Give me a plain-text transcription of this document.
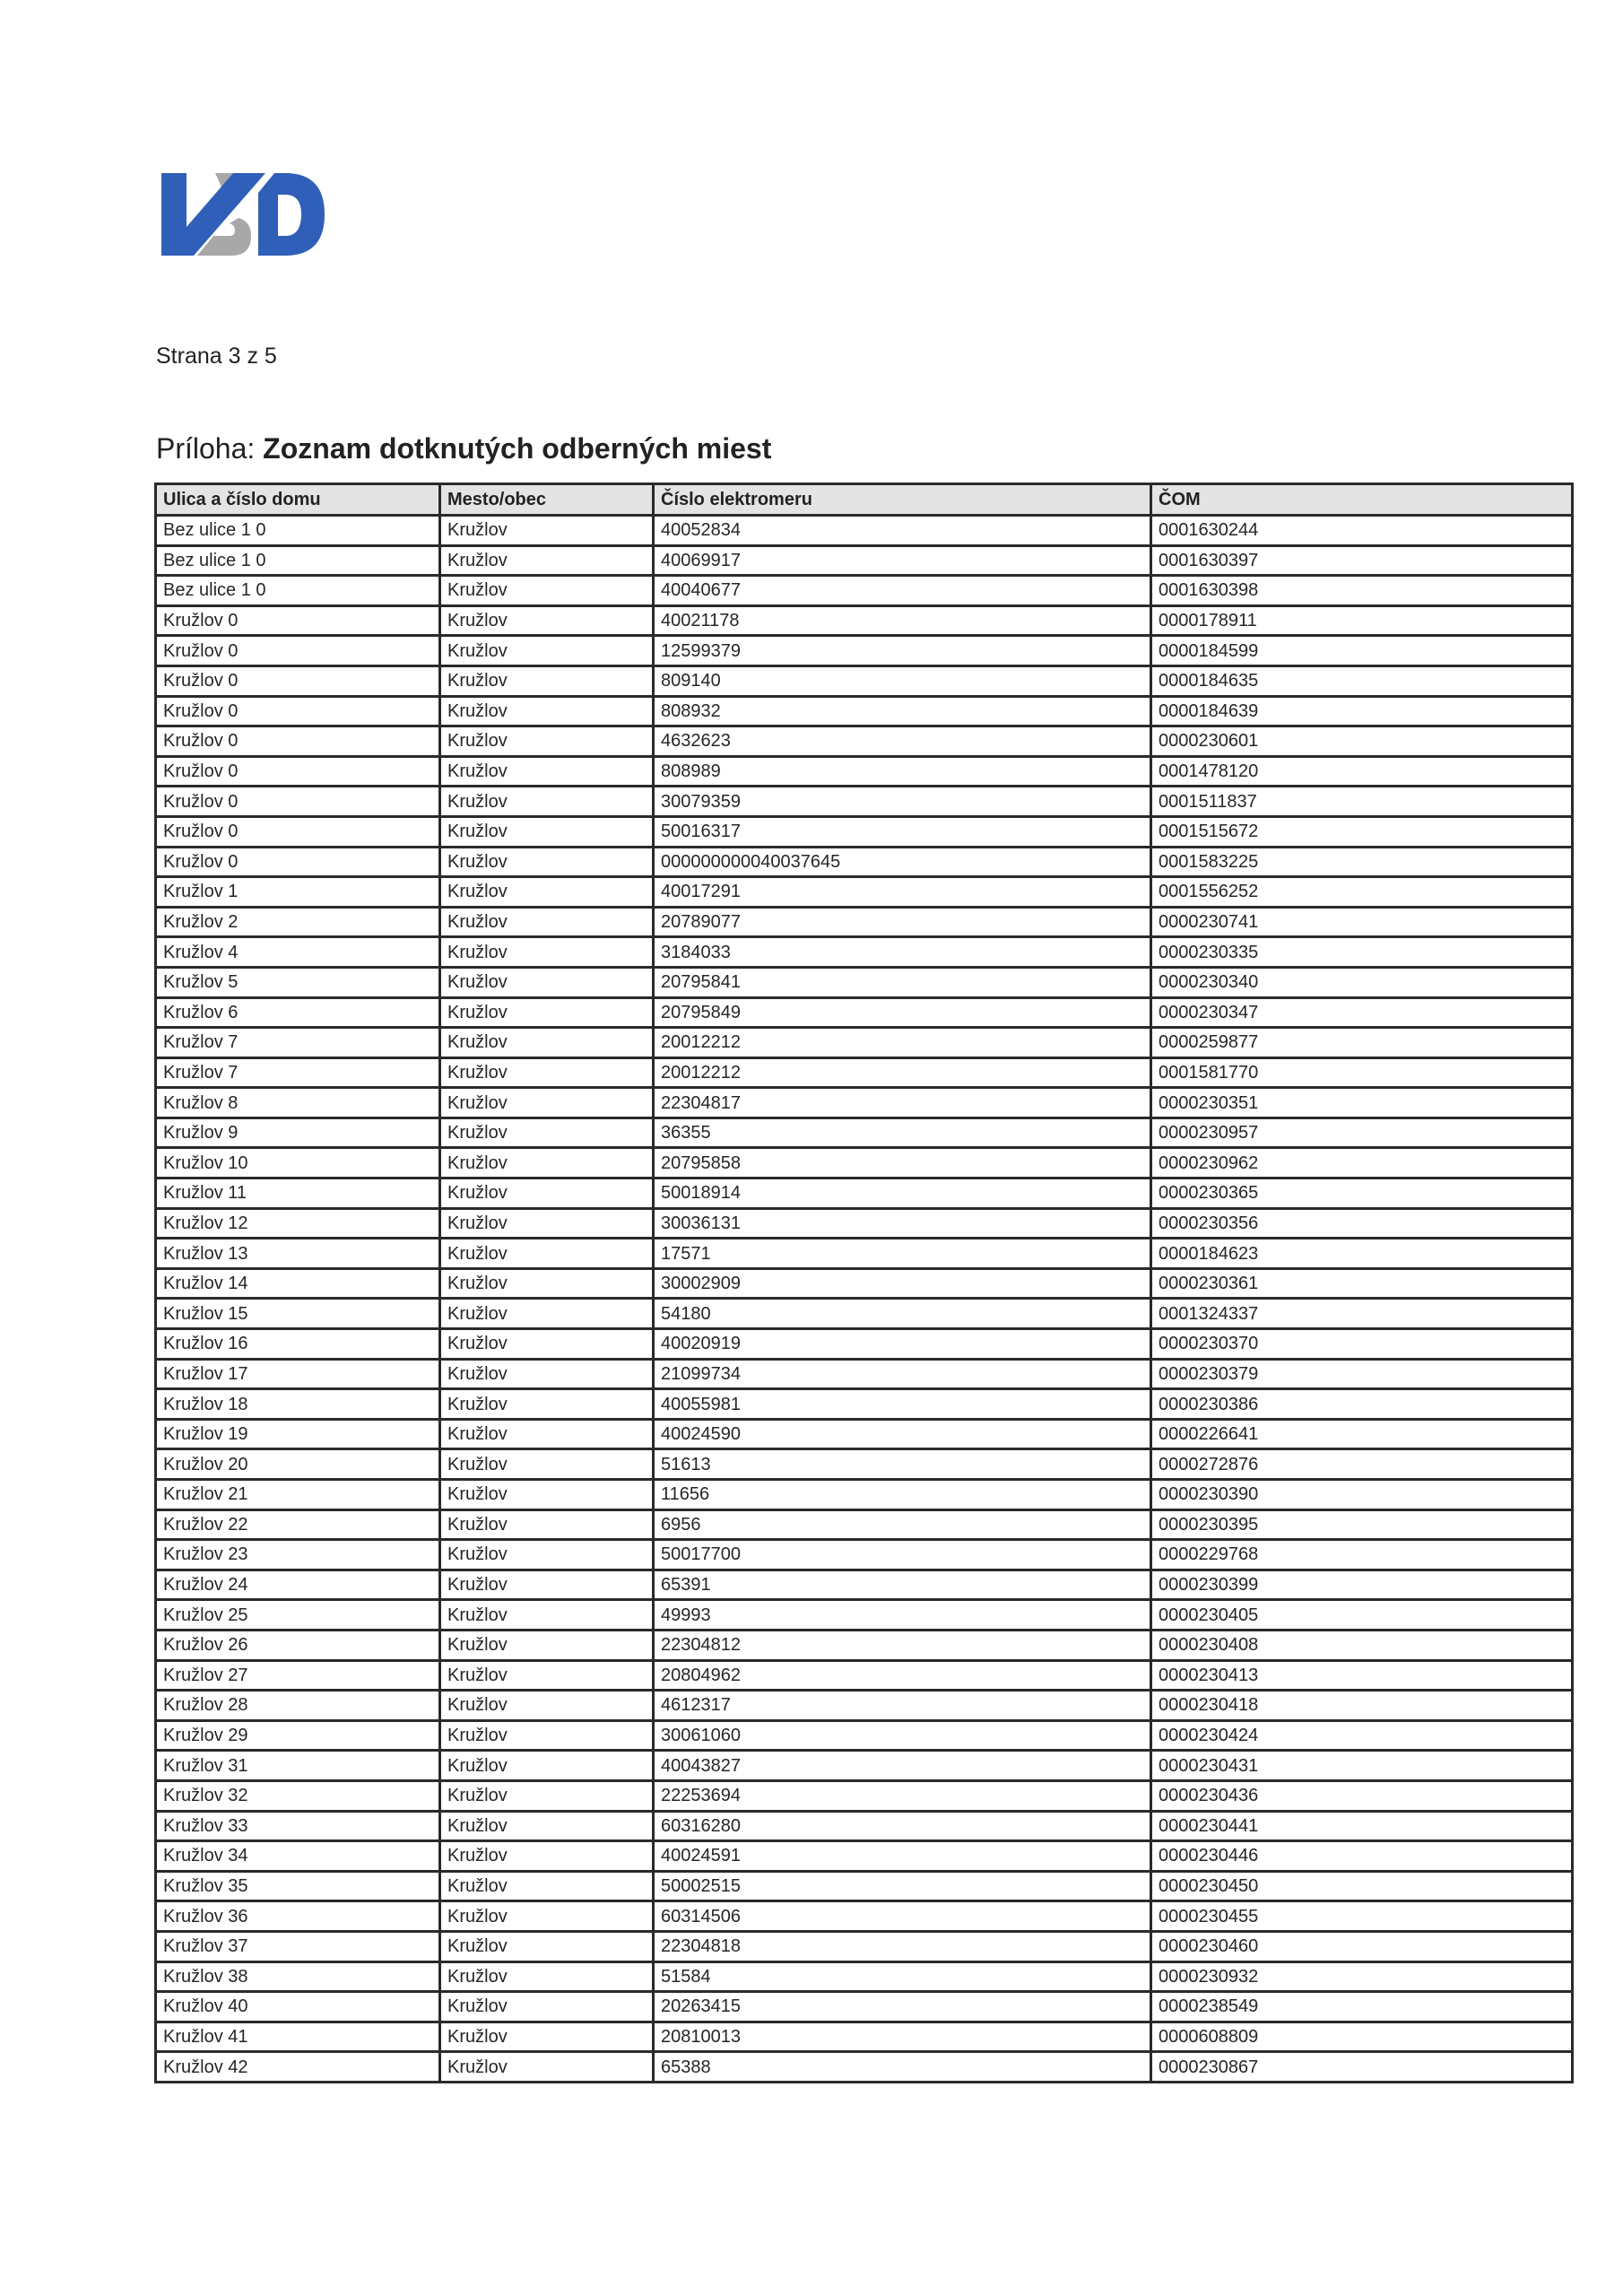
Strana 3 z 5
Príloha: Zoznam dotknutých odberných miest
Ulica a číslo domu	Mesto/obec	Číslo elektromeru	ČOM
Bez ulice 1 0	Kružlov	40052834	0001630244
Bez ulice 1 0	Kružlov	40069917	0001630397
Bez ulice 1 0	Kružlov	40040677	0001630398
Kružlov 0	Kružlov	40021178	0000178911
Kružlov 0	Kružlov	12599379	0000184599
Kružlov 0	Kružlov	809140	0000184635
Kružlov 0	Kružlov	808932	0000184639
Kružlov 0	Kružlov	4632623	0000230601
Kružlov 0	Kružlov	808989	0001478120
Kružlov 0	Kružlov	30079359	0001511837
Kružlov 0	Kružlov	50016317	0001515672
Kružlov 0	Kružlov	000000000040037645	0001583225
Kružlov 1	Kružlov	40017291	0001556252
Kružlov 2	Kružlov	20789077	0000230741
Kružlov 4	Kružlov	3184033	0000230335
Kružlov 5	Kružlov	20795841	0000230340
Kružlov 6	Kružlov	20795849	0000230347
Kružlov 7	Kružlov	20012212	0000259877
Kružlov 7	Kružlov	20012212	0001581770
Kružlov 8	Kružlov	22304817	0000230351
Kružlov 9	Kružlov	36355	0000230957
Kružlov 10	Kružlov	20795858	0000230962
Kružlov 11	Kružlov	50018914	0000230365
Kružlov 12	Kružlov	30036131	0000230356
Kružlov 13	Kružlov	17571	0000184623
Kružlov 14	Kružlov	30002909	0000230361
Kružlov 15	Kružlov	54180	0001324337
Kružlov 16	Kružlov	40020919	0000230370
Kružlov 17	Kružlov	21099734	0000230379
Kružlov 18	Kružlov	40055981	0000230386
Kružlov 19	Kružlov	40024590	0000226641
Kružlov 20	Kružlov	51613	0000272876
Kružlov 21	Kružlov	11656	0000230390
Kružlov 22	Kružlov	6956	0000230395
Kružlov 23	Kružlov	50017700	0000229768
Kružlov 24	Kružlov	65391	0000230399
Kružlov 25	Kružlov	49993	0000230405
Kružlov 26	Kružlov	22304812	0000230408
Kružlov 27	Kružlov	20804962	0000230413
Kružlov 28	Kružlov	4612317	0000230418
Kružlov 29	Kružlov	30061060	0000230424
Kružlov 31	Kružlov	40043827	0000230431
Kružlov 32	Kružlov	22253694	0000230436
Kružlov 33	Kružlov	60316280	0000230441
Kružlov 34	Kružlov	40024591	0000230446
Kružlov 35	Kružlov	50002515	0000230450
Kružlov 36	Kružlov	60314506	0000230455
Kružlov 37	Kružlov	22304818	0000230460
Kružlov 38	Kružlov	51584	0000230932
Kružlov 40	Kružlov	20263415	0000238549
Kružlov 41	Kružlov	20810013	0000608809
Kružlov 42	Kružlov	65388	0000230867
